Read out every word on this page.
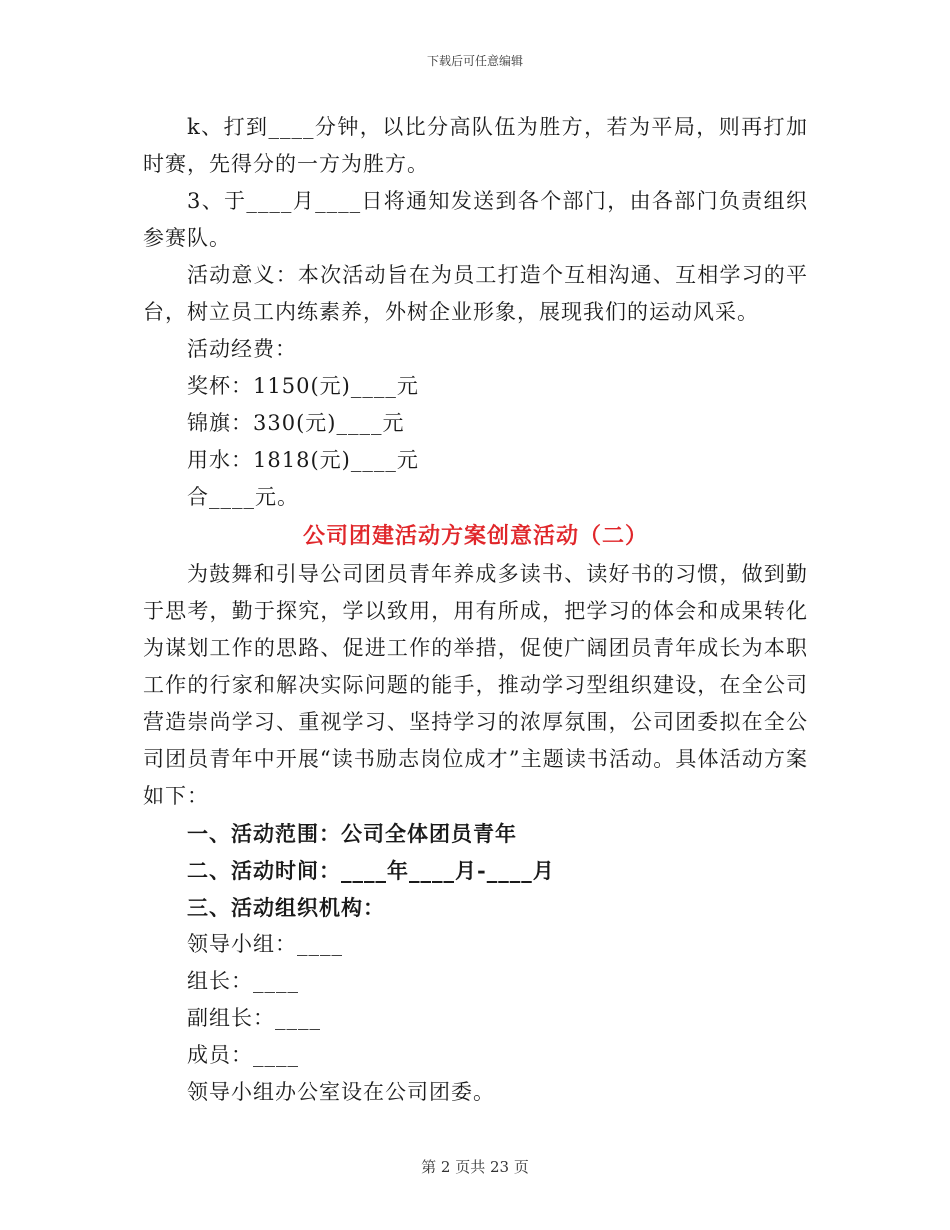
下载后可任意编辑

k、打到____分钟，以比分高队伍为胜方，若为平局，则再打加时赛，先得分的一方为胜方。

3、于____月____日将通知发送到各个部门，由各部门负责组织参赛队。

活动意义：本次活动旨在为员工打造个互相沟通、互相学习的平台，树立员工内练素养，外树企业形象，展现我们的运动风采。

活动经费：

奖杯：1150(元)____元

锦旗：330(元)____元

用水：1818(元)____元

合____元。

公司团建活动方案创意活动（二）

为鼓舞和引导公司团员青年养成多读书、读好书的习惯，做到勤于思考，勤于探究，学以致用，用有所成，把学习的体会和成果转化为谋划工作的思路、促进工作的举措，促使广阔团员青年成长为本职工作的行家和解决实际问题的能手，推动学习型组织建设，在全公司营造崇尚学习、重视学习、坚持学习的浓厚氛围，公司团委拟在全公司团员青年中开展“读书励志岗位成才”主题读书活动。具体活动方案如下：

一、活动范围：公司全体团员青年

二、活动时间：____年____月-____月

三、活动组织机构：

领导小组：____

组长：____

副组长：____

成员：____

领导小组办公室设在公司团委。

第 2 页共 23 页
